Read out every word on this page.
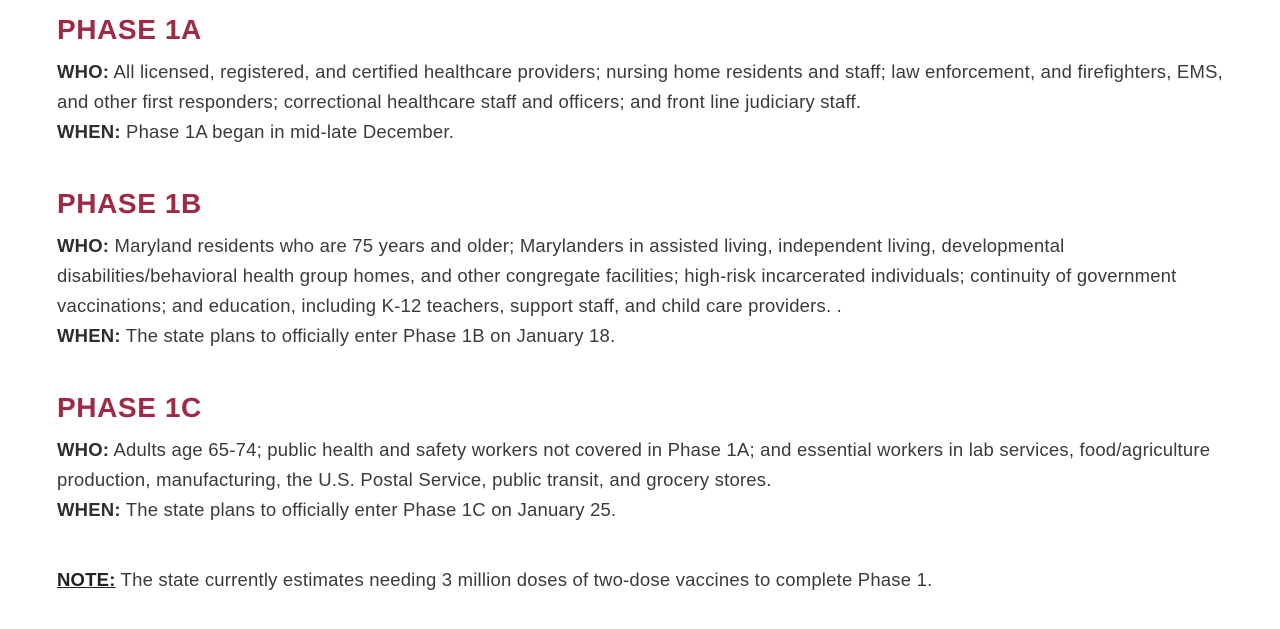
PHASE 1A

WHO: All licensed, registered, and certified healthcare providers; nursing home residents and staff; law enforcement, and firefighters, EMS, and other first responders; correctional healthcare staff and officers; and front line judiciary staff.

WHEN: Phase 1A began in mid-late December.

PHASE 1B

WHO: Maryland residents who are 75 years and older; Marylanders in assisted living, independent living, developmental disabilities/behavioral health group homes, and other congregate facilities; high-risk incarcerated individuals; continuity of government vaccinations; and education, including K-12 teachers, support staff, and child care providers. .

WHEN: The state plans to officially enter Phase 1B on January 18.

PHASE 1C

WHO: Adults age 65-74; public health and safety workers not covered in Phase 1A; and essential workers in lab services, food/agriculture production, manufacturing, the U.S. Postal Service, public transit, and grocery stores.

WHEN: The state plans to officially enter Phase 1C on January 25.

NOTE: The state currently estimates needing 3 million doses of two-dose vaccines to complete Phase 1.
